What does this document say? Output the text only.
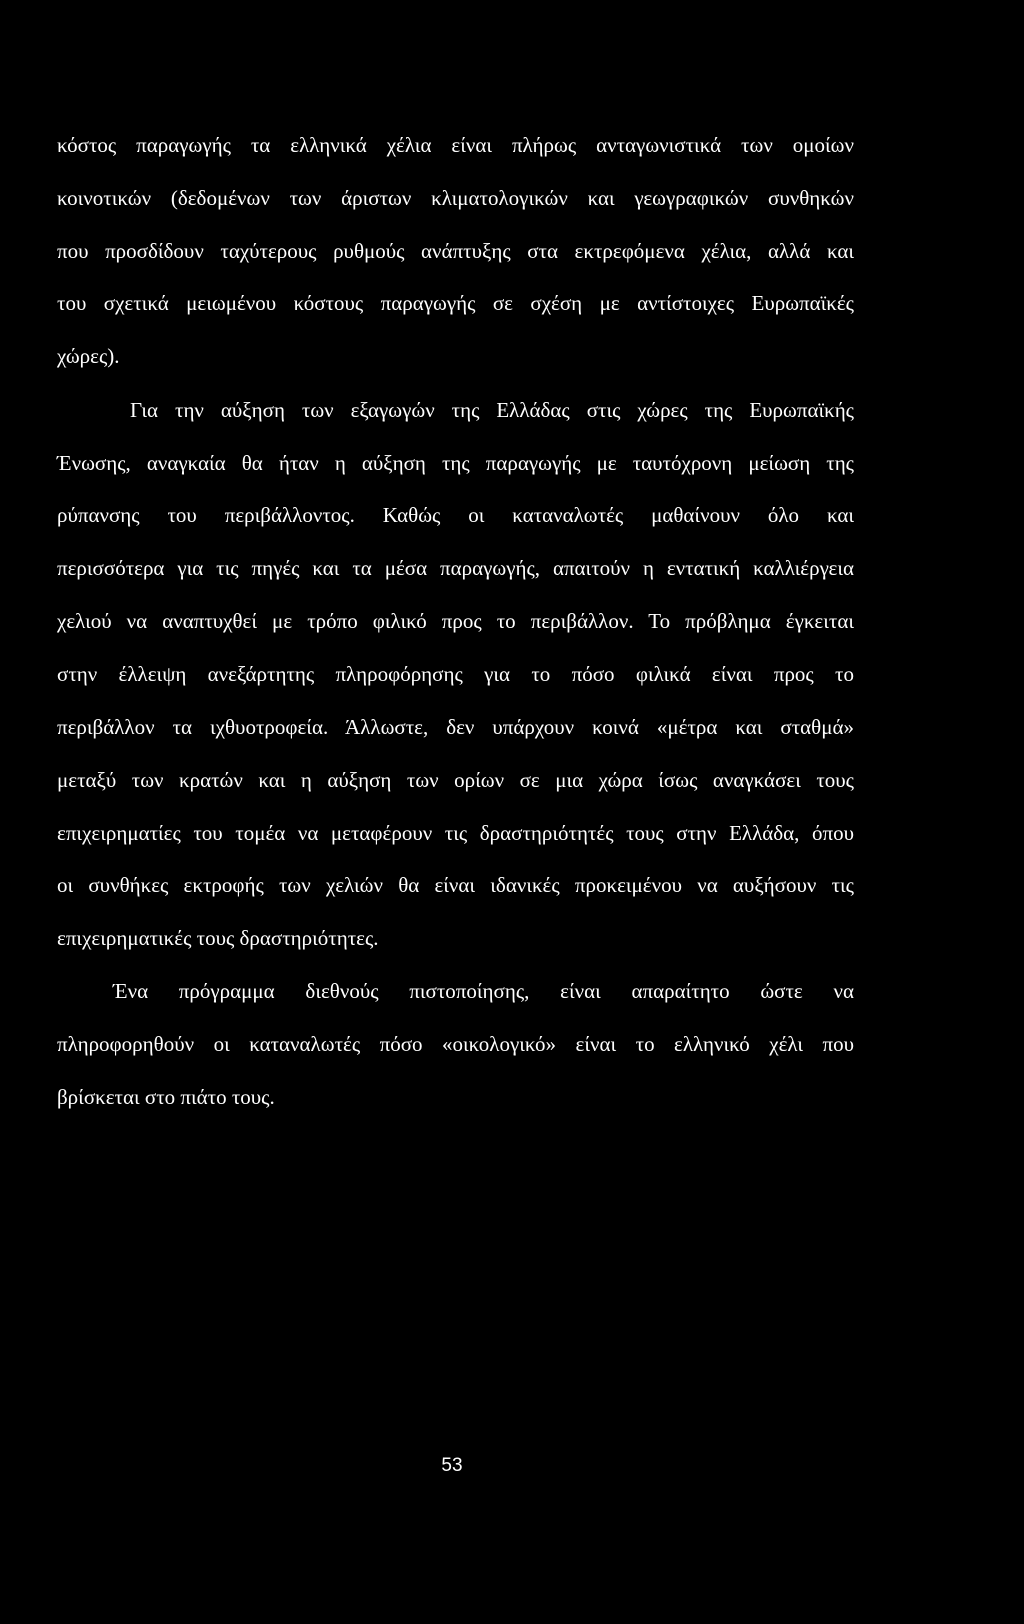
κόστος παραγωγής τα ελληνικά χέλια είναι πλήρως ανταγωνιστικά των ομοίων

κοινοτικών (δεδομένων των άριστων κλιματολογικών και γεωγραφικών συνθηκών

που προσδίδουν ταχύτερους ρυθμούς ανάπτυξης στα εκτρεφόμενα χέλια, αλλά και

του σχετικά μειωμένου κόστους παραγωγής σε σχέση με αντίστοιχες Ευρωπαϊκές

χώρες).

Για την αύξηση των εξαγωγών της Ελλάδας στις χώρες της Ευρωπαϊκής

Ένωσης, αναγκαία θα ήταν η αύξηση της παραγωγής με ταυτόχρονη μείωση της

ρύπανσης του περιβάλλοντος. Καθώς οι καταναλωτές μαθαίνουν όλο και

περισσότερα για τις πηγές και τα μέσα παραγωγής, απαιτούν η εντατική καλλιέργεια

χελιού να αναπτυχθεί με τρόπο φιλικό προς το περιβάλλον. Το πρόβλημα έγκειται

στην έλλειψη ανεξάρτητης πληροφόρησης για το πόσο φιλικά είναι προς το

περιβάλλον τα ιχθυοτροφεία. Άλλωστε, δεν υπάρχουν κοινά «μέτρα και σταθμά»

μεταξύ των κρατών και η αύξηση των ορίων σε μια χώρα ίσως αναγκάσει τους

επιχειρηματίες του τομέα να μεταφέρουν τις δραστηριότητές τους στην Ελλάδα, όπου

οι συνθήκες εκτροφής των χελιών θα είναι ιδανικές προκειμένου να αυξήσουν τις

επιχειρηματικές τους δραστηριότητες.

Ένα πρόγραμμα διεθνούς πιστοποίησης, είναι απαραίτητο ώστε να

πληροφορηθούν οι καταναλωτές πόσο «οικολογικό» είναι το ελληνικό χέλι που

βρίσκεται στο πιάτο τους.

53
